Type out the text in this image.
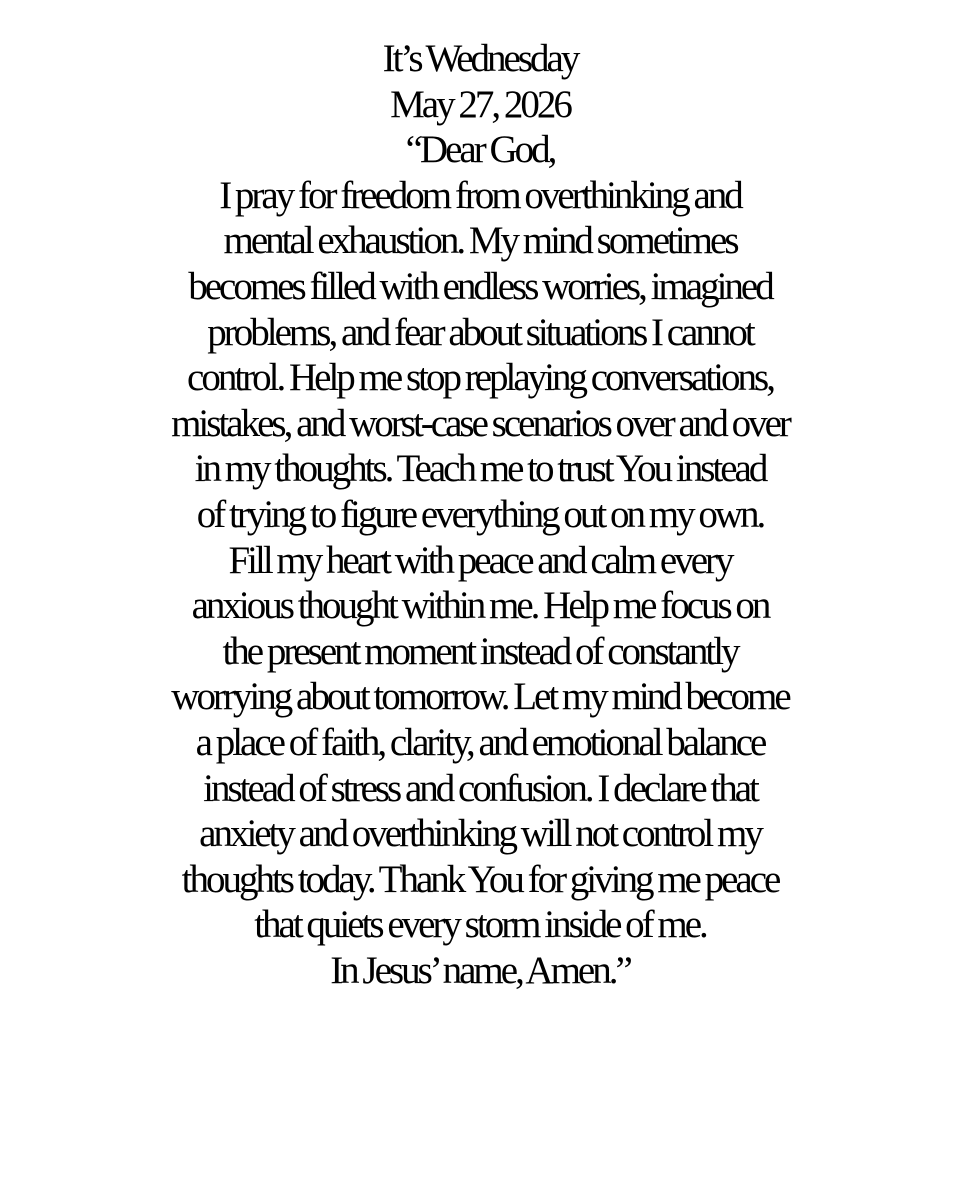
It’s Wednesday
May 27, 2026
“Dear God,
I pray for freedom from overthinking and
mental exhaustion. My mind sometimes
becomes filled with endless worries, imagined
problems, and fear about situations I cannot
control. Help me stop replaying conversations,
mistakes, and worst-case scenarios over and over
in my thoughts. Teach me to trust You instead
of trying to figure everything out on my own.
Fill my heart with peace and calm every
anxious thought within me. Help me focus on
the present moment instead of constantly
worrying about tomorrow. Let my mind become
a place of faith, clarity, and emotional balance
instead of stress and confusion. I declare that
anxiety and overthinking will not control my
thoughts today. Thank You for giving me peace
that quiets every storm inside of me.
In Jesus’ name, Amen.”
